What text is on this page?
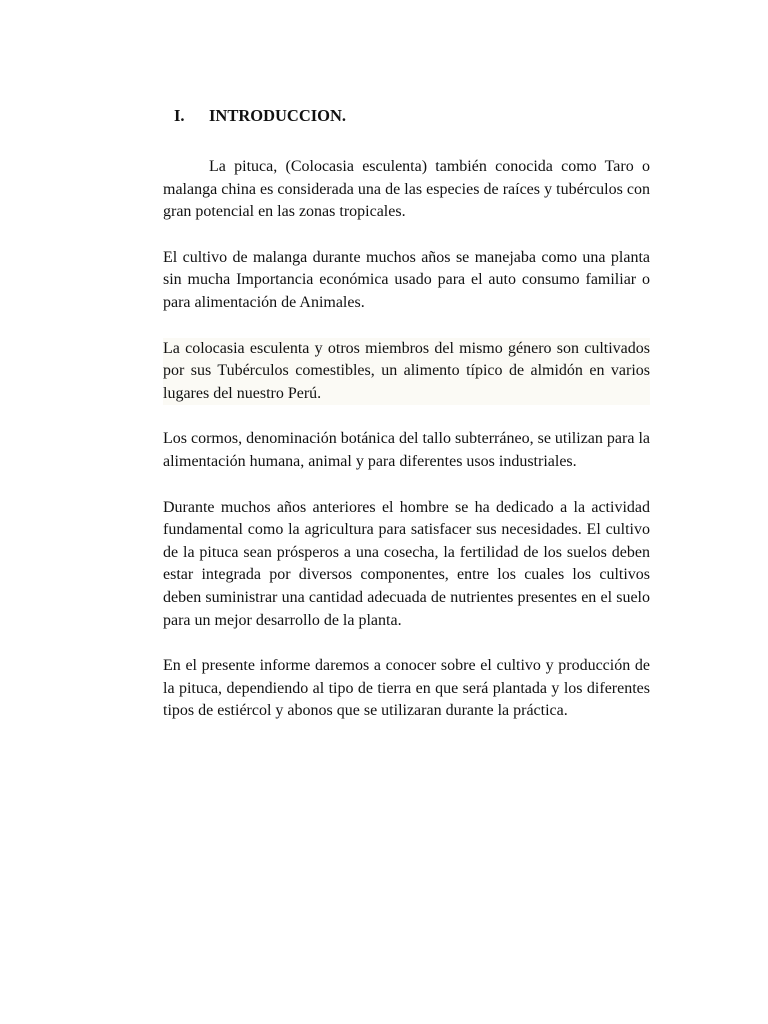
I. INTRODUCCION.

La pituca, (Colocasia esculenta) también conocida como Taro o malanga china es considerada una de las especies de raíces y tubérculos con gran potencial en las zonas tropicales.

El cultivo de malanga durante muchos años se manejaba como una planta sin mucha Importancia económica usado para el auto consumo familiar o para alimentación de Animales.

La colocasia esculenta y otros miembros del mismo género son cultivados por sus Tubérculos comestibles, un alimento típico de almidón en varios lugares del nuestro Perú.

Los cormos, denominación botánica del tallo subterráneo, se utilizan para la alimentación humana, animal y para diferentes usos industriales.

Durante muchos años anteriores el hombre se ha dedicado a la actividad fundamental como la agricultura para satisfacer sus necesidades. El cultivo de la pituca sean prósperos a una cosecha, la fertilidad de los suelos deben estar integrada por diversos componentes, entre los cuales los cultivos deben suministrar una cantidad adecuada de nutrientes presentes en el suelo para un mejor desarrollo de la planta.

En el presente informe daremos a conocer sobre el cultivo y producción de la pituca, dependiendo al tipo de tierra en que será plantada y los diferentes tipos de estiércol y abonos que se utilizaran durante la práctica.
